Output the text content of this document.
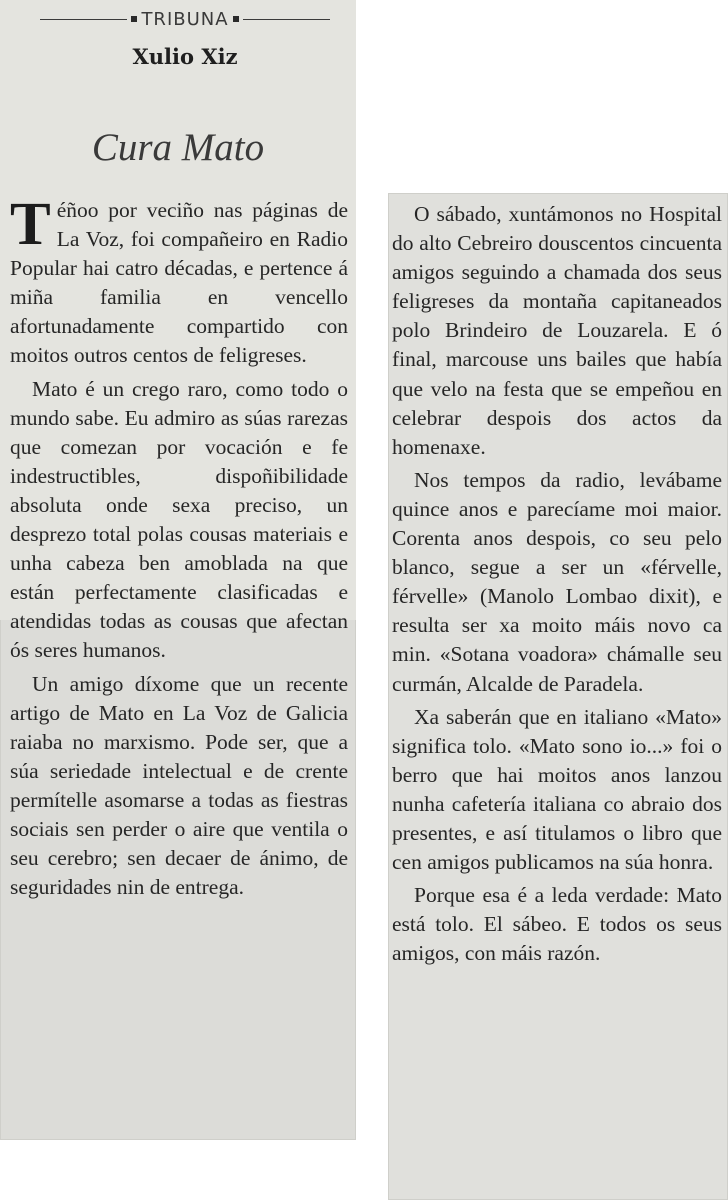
TRIBUNA
Xulio Xiz
Cura Mato

Téñoo por veciño nas páginas de La Voz, foi compañeiro en Radio Popular hai catro décadas, e pertence á miña familia en vencello afortunadamente compartido con moitos outros centos de feligreses.

Mato é un crego raro, como todo o mundo sabe. Eu admiro as súas rarezas que comezan por vocación e fe indestructibles, dispoñibilidade absoluta onde sexa preciso, un desprezo total polas cousas materiais e unha cabeza ben amoblada na que están perfectamente clasificadas e atendidas todas as cousas que afectan ós seres humanos.

Un amigo díxome que un recente artigo de Mato en La Voz de Galicia raiaba no marxismo. Pode ser, que a súa seriedade intelectual e de crente permítelle asomarse a todas as fiestras sociais sen perder o aire que ventila o seu cerebro; sen decaer de ánimo, de seguridades nin de entrega.

O sábado, xuntámonos no Hospital do alto Cebreiro douscentos cincuenta amigos seguindo a chamada dos seus feligreses da montaña capitaneados polo Brindeiro de Louzarela. E ó final, marcouse uns bailes que había que velo na festa que se empeñou en celebrar despois dos actos da homenaxe.

Nos tempos da radio, levábame quince anos e parecíame moi maior. Corenta anos despois, co seu pelo blanco, segue a ser un «férvelle, férvelle» (Manolo Lombao dixit), e resulta ser xa moito máis novo ca min. «Sotana voadora» chámalle seu curmán, Alcalde de Paradela.

Xa saberán que en italiano «Mato» significa tolo. «Mato sono io...» foi o berro que hai moitos anos lanzou nunha cafetería italiana co abraio dos presentes, e así titulamos o libro que cen amigos publicamos na súa honra.

Porque esa é a leda verdade: Mato está tolo. El sábeo. E todos os seus amigos, con máis razón.
